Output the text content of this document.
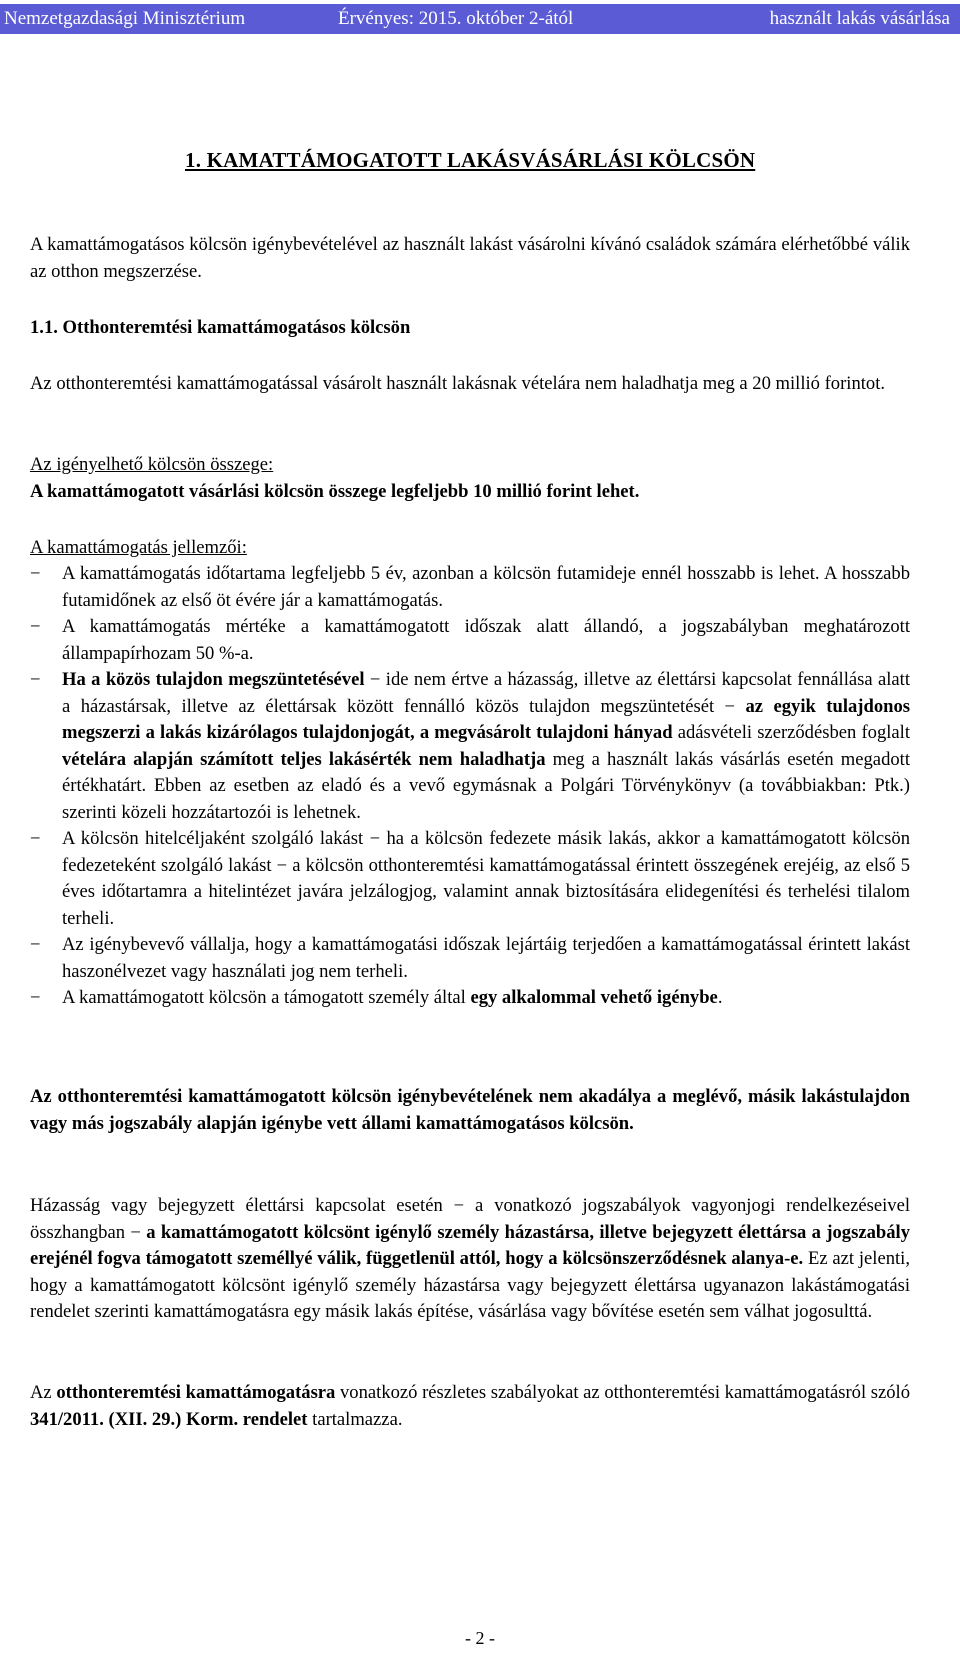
Nemzetgazdasági Minisztérium	Érvényes: 2015. október 2-ától	használt lakás vásárlása
1. KAMATTÁMOGATOTT LAKÁSVÁSÁRLÁSI KÖLCSÖN

A kamattámogatásos kölcsön igénybevételével az használt lakást vásárolni kívánó családok számára elérhetőbbé válik az otthon megszerzése.

1.1. Otthonteremtési kamattámogatásos kölcsön

Az otthonteremtési kamattámogatással vásárolt használt lakásnak vételára nem haladhatja meg a 20 millió forintot.

Az igényelhető kölcsön összege:

A kamattámogatott vásárlási kölcsön összege legfeljebb 10 millió forint lehet.

A kamattámogatás jellemzői:

− A kamattámogatás időtartama legfeljebb 5 év, azonban a kölcsön futamideje ennél hosszabb is lehet. A hosszabb futamidőnek az első öt évére jár a kamattámogatás.
− A kamattámogatás mértéke a kamattámogatott időszak alatt állandó, a jogszabályban meghatározott állampapírhozam 50 %-a.
− Ha a közös tulajdon megszüntetésével − ide nem értve a házasság, illetve az élettársi kapcsolat fennállása alatt a házastársak, illetve az élettársak között fennálló közös tulajdon megszüntetését − az egyik tulajdonos megszerzi a lakás kizárólagos tulajdonjogát, a megvásárolt tulajdoni hányad adásvételi szerződésben foglalt vételára alapján számított teljes lakásérték nem haladhatja meg a használt lakás vásárlás esetén megadott értékhatárt. Ebben az esetben az eladó és a vevő egymásnak a Polgári Törvénykönyv (a továbbiakban: Ptk.) szerinti közeli hozzátartozói is lehetnek.
− A kölcsön hitelcéljaként szolgáló lakást − ha a kölcsön fedezete másik lakás, akkor a kamattámogatott kölcsön fedezeteként szolgáló lakást − a kölcsön otthonteremtési kamattámogatással érintett összegének erejéig, az első 5 éves időtartamra a hitelintézet javára jelzálogjog, valamint annak biztosítására elidegenítési és terhelési tilalom terheli.
− Az igénybevevő vállalja, hogy a kamattámogatási időszak lejártáig terjedően a kamattámogatással érintett lakást haszonélvezet vagy használati jog nem terheli.
− A kamattámogatott kölcsön a támogatott személy által egy alkalommal vehető igénybe.

Az otthonteremtési kamattámogatott kölcsön igénybevételének nem akadálya a meglévő, másik lakástulajdon vagy más jogszabály alapján igénybe vett állami kamattámogatásos kölcsön.

Házasság vagy bejegyzett élettársi kapcsolat esetén − a vonatkozó jogszabályok vagyonjogi rendelkezéseivel összhangban − a kamattámogatott kölcsönt igénylő személy házastársa, illetve bejegyzett élettársa a jogszabály erejénél fogva támogatott személlyé válik, függetlenül attól, hogy a kölcsönszerződésnek alanya-e. Ez azt jelenti, hogy a kamattámogatott kölcsönt igénylő személy házastársa vagy bejegyzett élettársa ugyanazon lakástámogatási rendelet szerinti kamattámogatásra egy másik lakás építése, vásárlása vagy bővítése esetén sem válhat jogosulttá.

Az otthonteremtési kamattámogatásra vonatkozó részletes szabályokat az otthonteremtési kamattámogatásról szóló 341/2011. (XII. 29.) Korm. rendelet tartalmazza.

- 2 -
